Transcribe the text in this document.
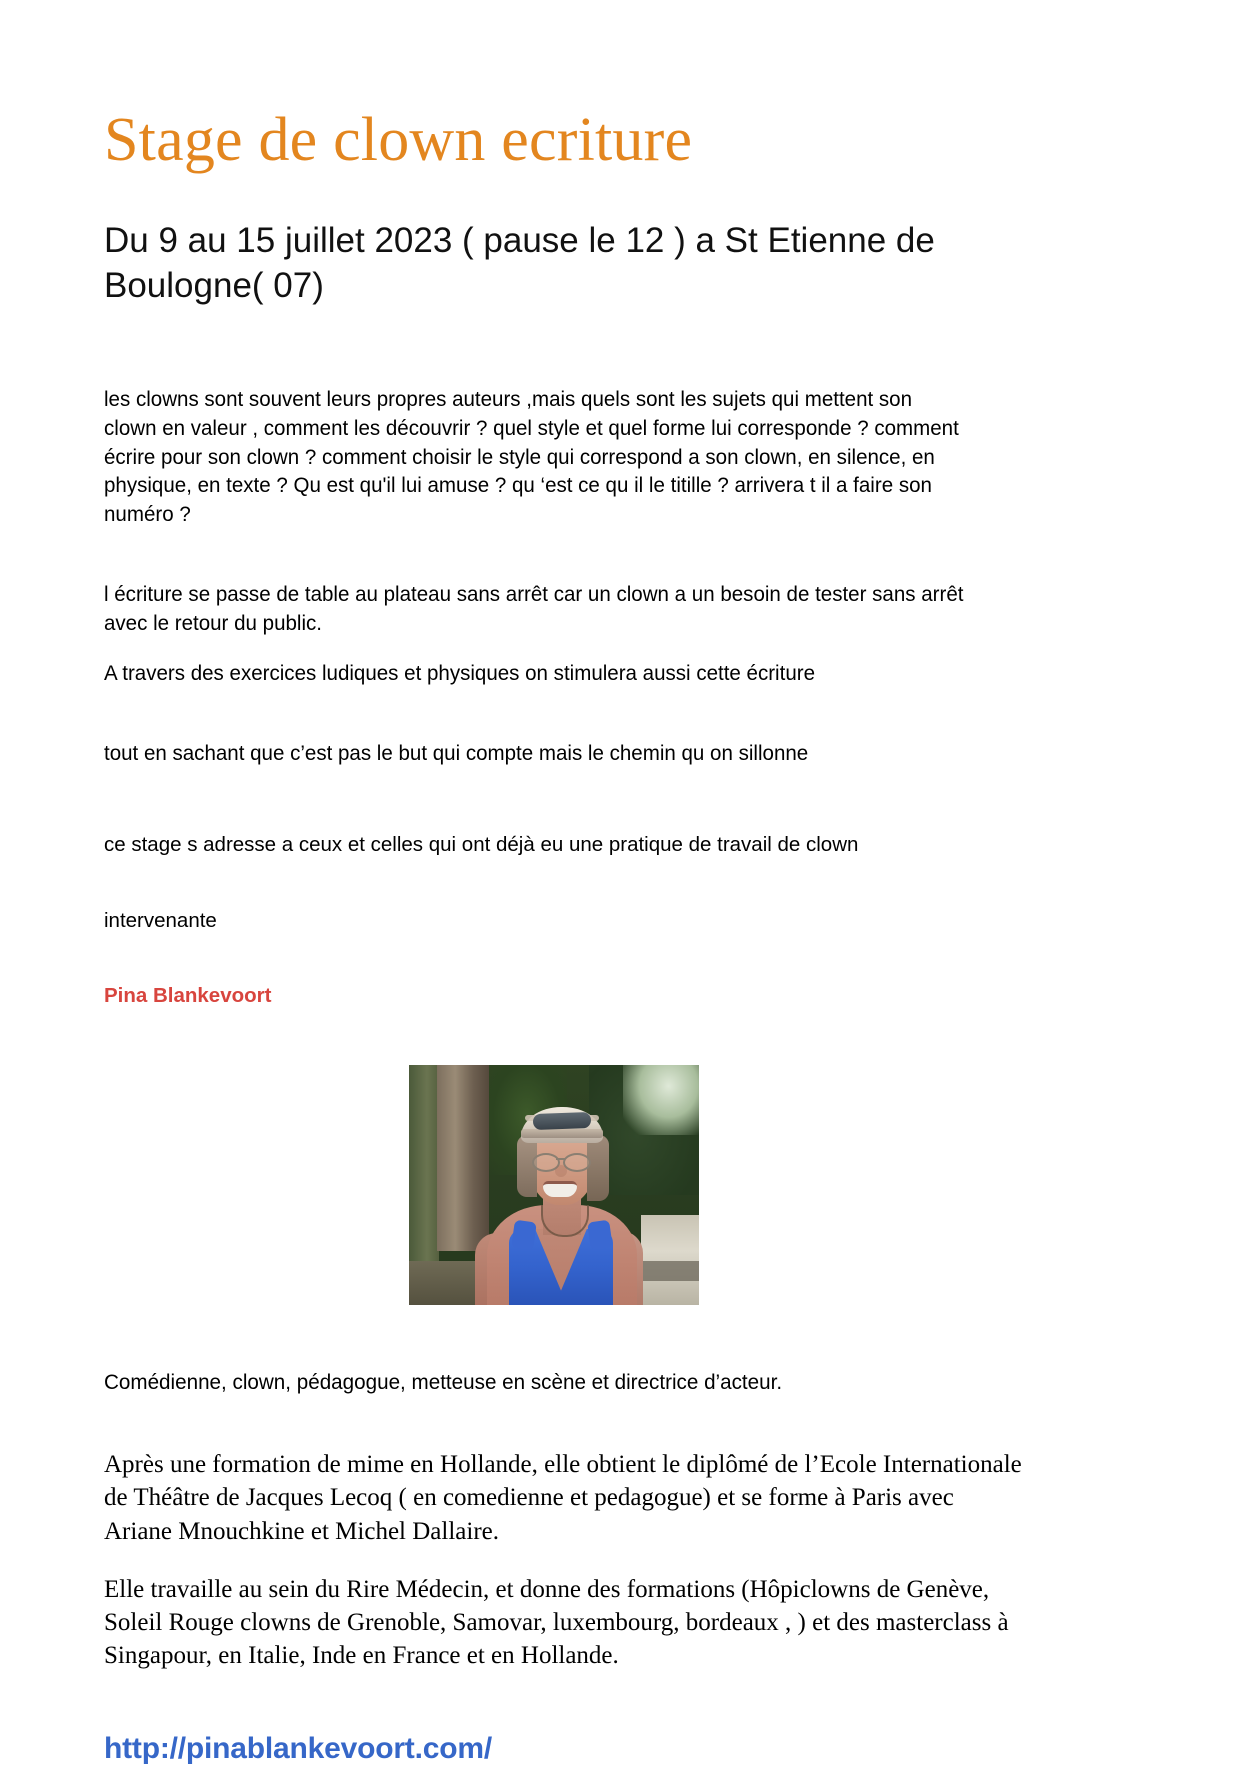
Stage de clown ecriture
Du 9 au 15 juillet 2023 ( pause le 12 ) a St Etienne de Boulogne( 07)

les clowns sont souvent leurs propres auteurs ,mais quels sont les sujets qui mettent son clown en valeur , comment les découvrir ? quel style et quel forme lui corresponde ? comment écrire pour son clown ? comment choisir le style qui correspond a son clown, en silence, en physique, en texte ? Qu est qu'il lui amuse ? qu ‘est ce qu il le titille ? arrivera t il a faire son numéro ?

l écriture se passe de table au plateau sans arrêt car un clown a un besoin de tester sans arrêt avec le retour du public.

A travers des exercices ludiques et physiques on stimulera aussi cette écriture

tout en sachant que c’est pas le but qui compte mais le chemin qu on sillonne

ce stage s adresse a ceux et celles qui ont déjà eu une pratique de travail de clown

intervenante

Pina Blankevoort

Comédienne, clown, pédagogue, metteuse en scène et directrice d’acteur.

Après une formation de mime en Hollande, elle obtient le diplômé de l’Ecole Internationale de Théâtre de Jacques Lecoq ( en comedienne et pedagogue) et se forme à Paris avec Ariane Mnouchkine et Michel Dallaire.

Elle travaille au sein du Rire Médecin, et donne des formations (Hôpiclowns de Genève, Soleil Rouge clowns de Grenoble, Samovar, luxembourg, bordeaux , ) et des masterclass à Singapour, en Italie, Inde en France et en Hollande.

http://pinablankevoort.com/
